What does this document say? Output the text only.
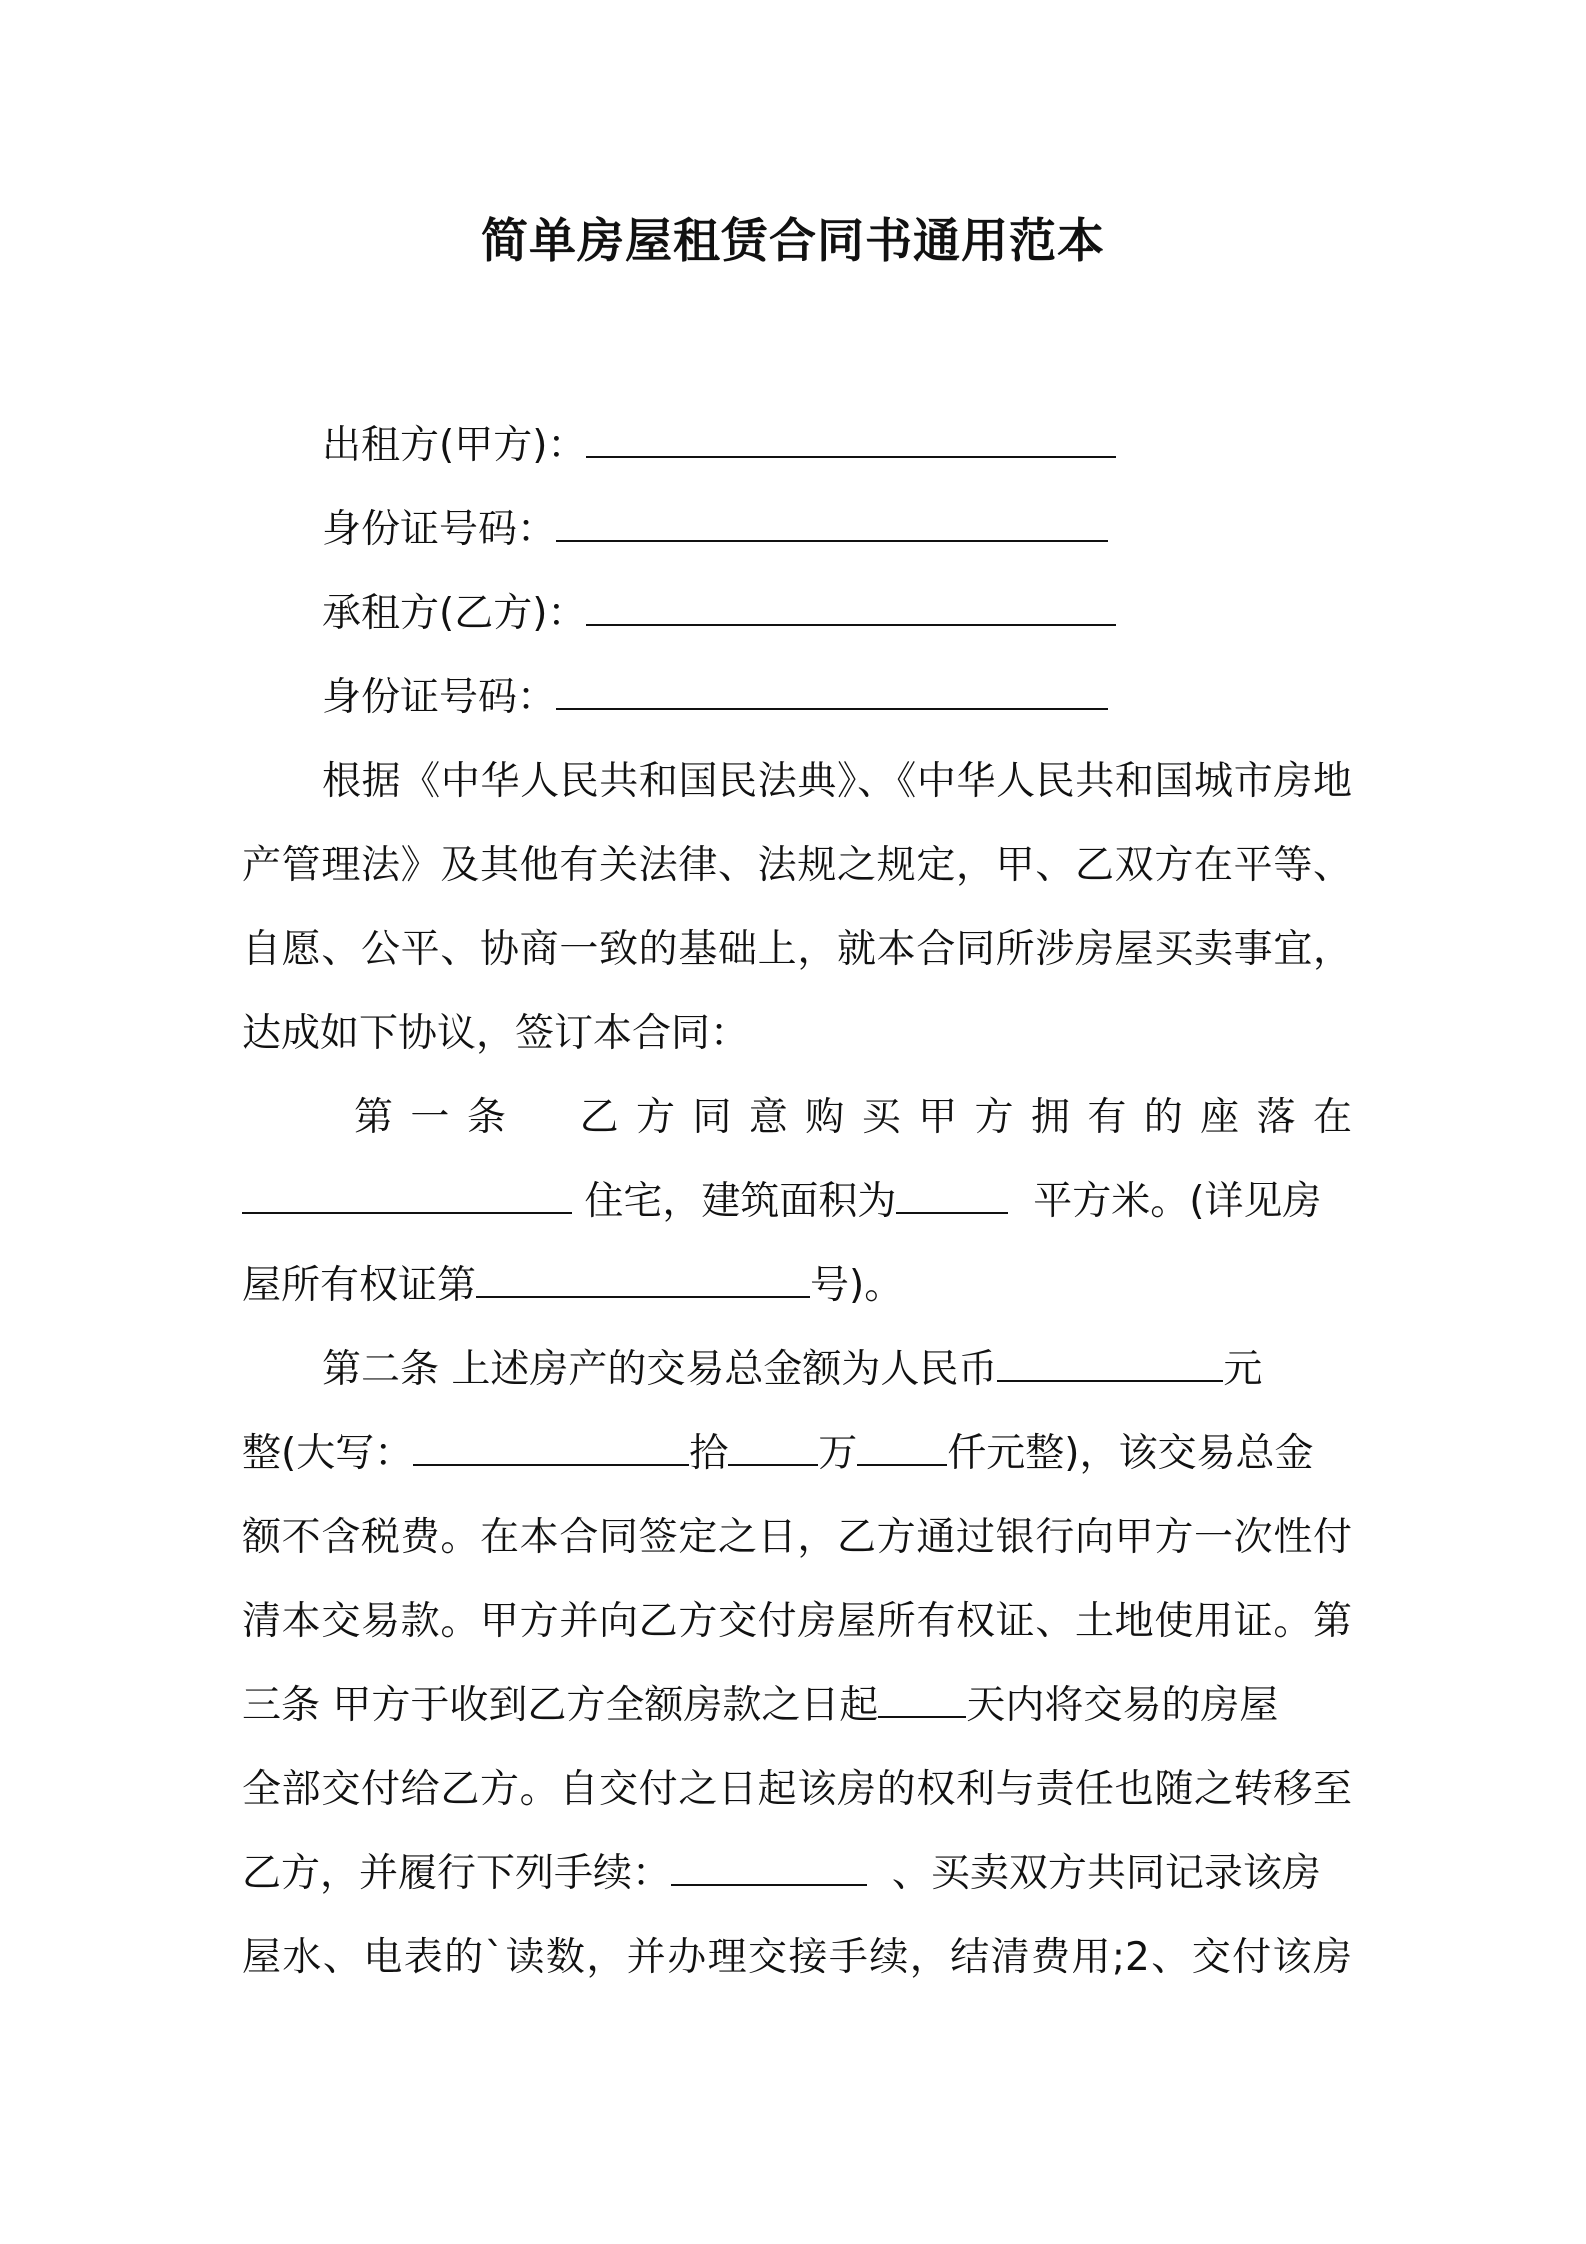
简单房屋租赁合同书通用范本
出租方(甲方)：
身份证号码：
承租方(乙方)：
身份证号码：
根据《中华人民共和国民法典》、《中华人民共和国城市房地
产管理法》及其他有关法律、法规之规定，甲、乙双方在平等、
自愿、公平、协商一致的基础上，就本合同所涉房屋买卖事宜，
达成如下协议，签订本合同：
第一条　乙方同意购买甲方拥有的座落在
住宅，建筑面积为	平方米。(详见房
屋所有权证第	号)。
第二条 上述房产的交易总金额为人民币	元
整(大写：	拾 万 仟元整)，该交易总金
额不含税费。在本合同签定之日，乙方通过银行向甲方一次性付
清本交易款。甲方并向乙方交付房屋所有权证、土地使用证。第
三条 甲方于收到乙方全额房款之日起 天内将交易的房屋
全部交付给乙方。自交付之日起该房的权利与责任也随之转移至
乙方，并履行下列手续：	、买卖双方共同记录该房
屋水、电表的`读数，并办理交接手续，结清费用;2、交付该房
